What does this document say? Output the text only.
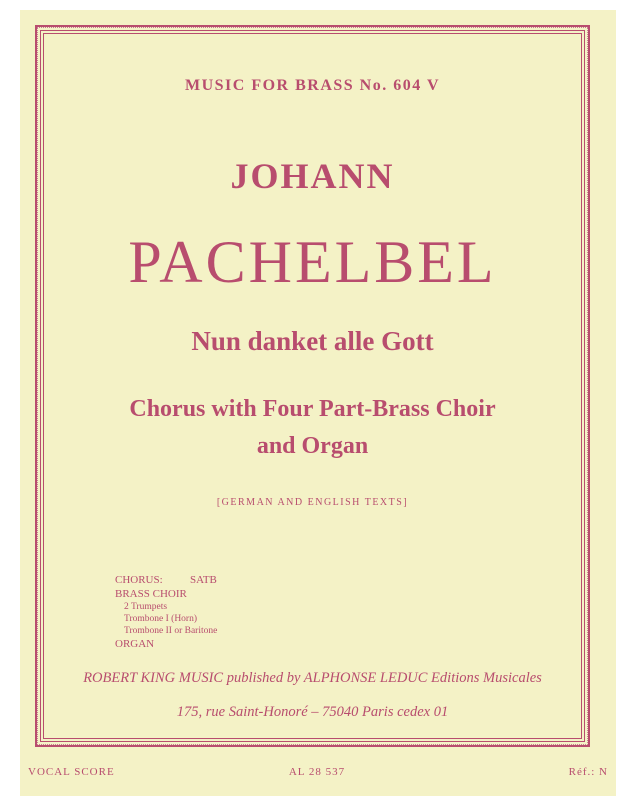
MUSIC FOR BRASS No. 604 V
JOHANN
PACHELBEL
Nun danket alle Gott
Chorus with Four Part-Brass Choir
and Organ
[GERMAN AND ENGLISH TEXTS]
CHORUS: SATB
BRASS CHOIR
2 Trumpets
Trombone I (Horn)
Trombone II or Baritone
ORGAN
ROBERT KING MUSIC published by ALPHONSE LEDUC Editions Musicales
175, rue Saint-Honoré – 75040 Paris cedex 01
VOCAL SCORE	AL 28 537	Réf.: N
